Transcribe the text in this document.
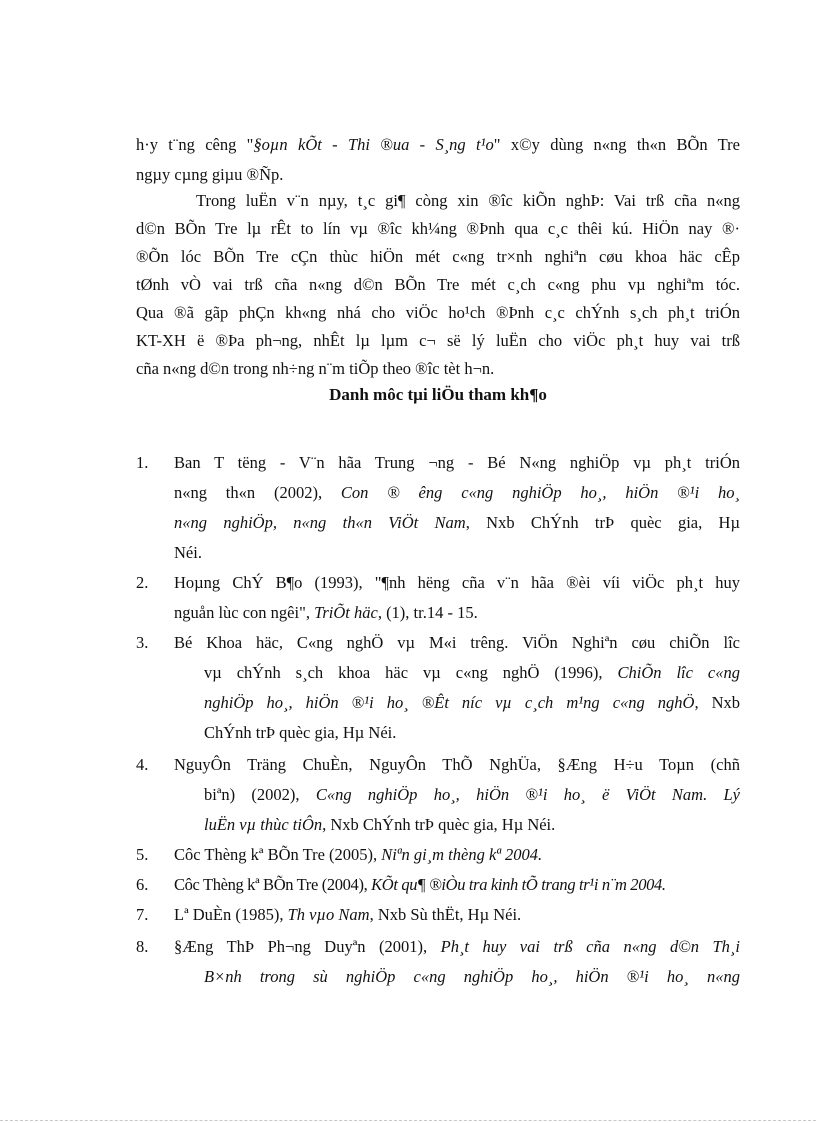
h·y t¨ng cêng "§oµn kÕt - Thi ®ua - S¸ng t¹o" x©y dùng n«ng th«n BÕn Tre
ngµy cµng giµu ®Ñp.
Trong luËn v¨n nµy, t¸c gi¶ còng xin ®îc kiÕn nghÞ: Vai trß cña n«ng
d©n BÕn Tre lµ rÊt to lín vµ ®îc kh¼ng ®Þnh qua c¸c thêi kú. HiÖn nay ®·
®Õn lóc BÕn Tre cÇn thùc hiÖn mét c«ng tr×nh nghiªn cøu khoa häc cÊp
tØnh vÒ vai trß cña n«ng d©n BÕn Tre mét c¸ch c«ng phu vµ nghiªm tóc.
Qua ®ã gãp phÇn kh«ng nhá cho viÖc ho¹ch ®Þnh c¸c chÝnh s¸ch ph¸t triÓn
KT-XH ë ®Þa ph¬ng, nhÊt lµ lµm c¬ së lý luËn cho viÖc ph¸t huy vai trß
cña n«ng d©n trong nh÷ng n¨m tiÕp theo ®îc tèt h¬n.
Danh môc tµi liÖu tham kh¶o
1. Ban T tëng - V¨n hãa Trung ¬ng - Bé N«ng nghiÖp vµ ph¸t triÓn
n«ng th«n (2002), Con ® êng c«ng nghiÖp ho¸, hiÖn ®¹i ho¸
n«ng nghiÖp, n«ng th«n ViÖt Nam, Nxb ChÝnh trÞ quèc gia, Hµ
Néi.
2. Hoµng ChÝ B¶o (1993), "¶nh hëng cña v¨n hãa ®èi víi viÖc ph¸t huy
nguån lùc con ngêi", TriÕt häc, (1), tr.14 - 15.
3. Bé Khoa häc, C«ng nghÖ vµ M«i trêng. ViÖn Nghiªn cøu chiÕn lîc
vµ chÝnh s¸ch khoa häc vµ c«ng nghÖ (1996), ChiÕn lîc c«ng
nghiÖp ho¸, hiÖn ®¹i ho¸ ®Êt níc vµ c¸ch m¹ng c«ng nghÖ, Nxb
ChÝnh trÞ quèc gia, Hµ Néi.
4. NguyÔn Träng ChuÈn, NguyÔn ThÕ NghÜa, §Æng H÷u Toµn (chñ
biªn) (2002), C«ng nghiÖp ho¸, hiÖn ®¹i ho¸ ë ViÖt Nam. Lý
luËn vµ thùc tiÔn, Nxb ChÝnh trÞ quèc gia, Hµ Néi.
5. Côc Thèng kª BÕn Tre (2005), Niªn gi¸m thèng kª 2004.
6. Côc Thèng kª BÕn Tre (2004), KÕt qu¶ ®iÒu tra kinh tÕ trang tr¹i n¨m 2004.
7. Lª DuÈn (1985), Th vµo Nam, Nxb Sù thËt, Hµ Néi.
8. §Æng ThÞ Ph¬ng Duyªn (2001), Ph¸t huy vai trß cña n«ng d©n Th¸i
B×nh trong sù nghiÖp c«ng nghiÖp ho¸, hiÖn ®¹i ho¸ n«ng
